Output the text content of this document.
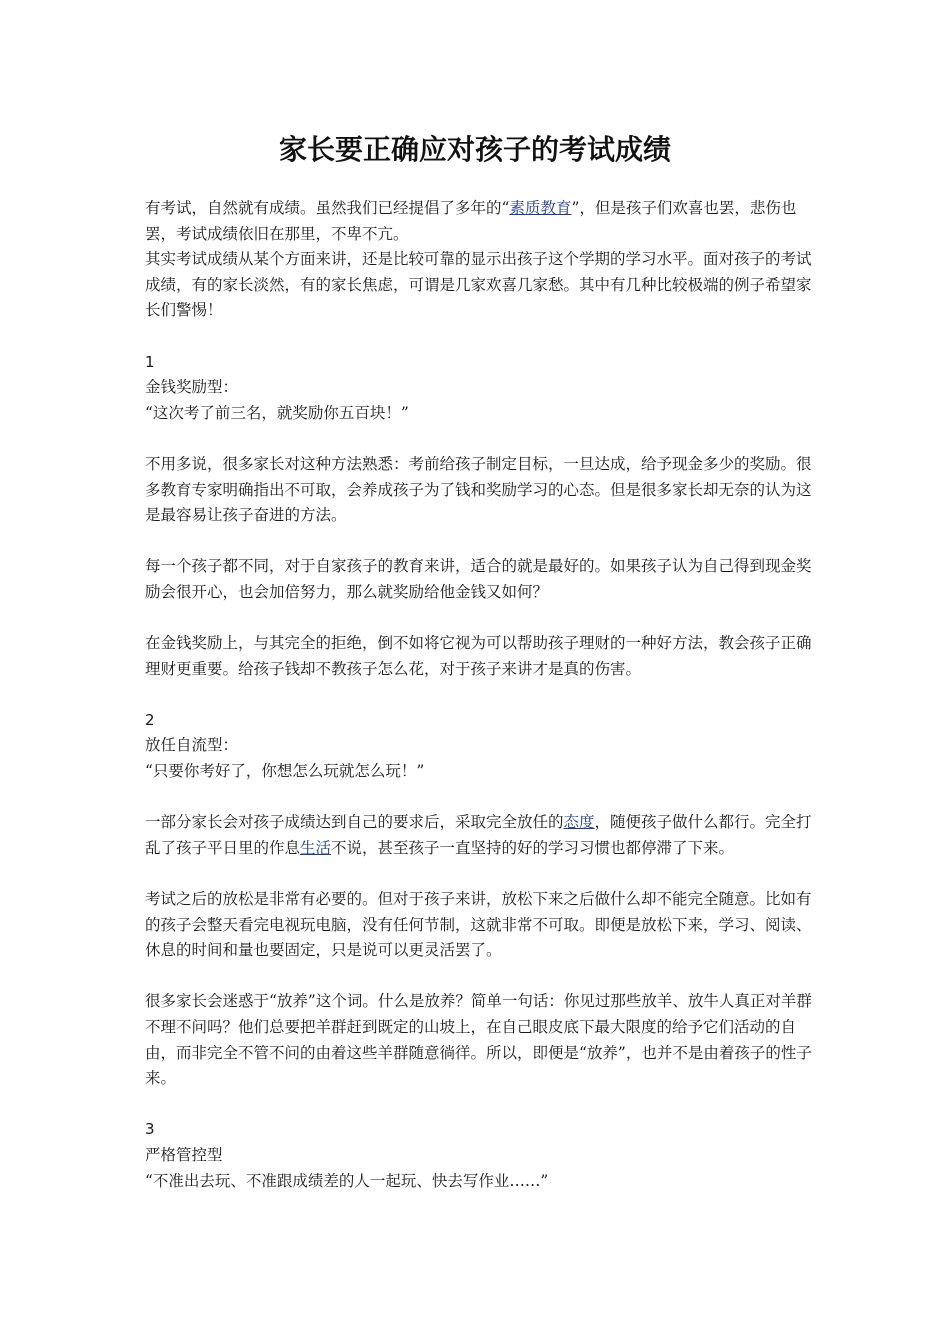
家长要正确应对孩子的考试成绩

有考试，自然就有成绩。虽然我们已经提倡了多年的“素质教育”，但是孩子们欢喜也罢，悲伤也罢，考试成绩依旧在那里，不卑不亢。

其实考试成绩从某个方面来讲，还是比较可靠的显示出孩子这个学期的学习水平。面对孩子的考试成绩，有的家长淡然，有的家长焦虑，可谓是几家欢喜几家愁。其中有几种比较极端的例子希望家长们警惕！

1

金钱奖励型：

“这次考了前三名，就奖励你五百块！”

不用多说，很多家长对这种方法熟悉：考前给孩子制定目标，一旦达成，给予现金多少的奖励。很多教育专家明确指出不可取，会养成孩子为了钱和奖励学习的心态。但是很多家长却无奈的认为这是最容易让孩子奋进的方法。

每一个孩子都不同，对于自家孩子的教育来讲，适合的就是最好的。如果孩子认为自己得到现金奖励会很开心，也会加倍努力，那么就奖励给他金钱又如何？

在金钱奖励上，与其完全的拒绝，倒不如将它视为可以帮助孩子理财的一种好方法，教会孩子正确理财更重要。给孩子钱却不教孩子怎么花，对于孩子来讲才是真的伤害。

2

放任自流型：

“只要你考好了，你想怎么玩就怎么玩！”

一部分家长会对孩子成绩达到自己的要求后，采取完全放任的态度，随便孩子做什么都行。完全打乱了孩子平日里的作息生活不说，甚至孩子一直坚持的好的学习习惯也都停滞了下来。

考试之后的放松是非常有必要的。但对于孩子来讲，放松下来之后做什么却不能完全随意。比如有的孩子会整天看完电视玩电脑，没有任何节制，这就非常不可取。即便是放松下来，学习、阅读、休息的时间和量也要固定，只是说可以更灵活罢了。

很多家长会迷惑于“放养”这个词。什么是放养？简单一句话：你见过那些放羊、放牛人真正对羊群不理不问吗？他们总要把羊群赶到既定的山坡上，在自己眼皮底下最大限度的给予它们活动的自由，而非完全不管不问的由着这些羊群随意徜徉。所以，即便是“放养”，也并不是由着孩子的性子来。

3

严格管控型

“不准出去玩、不准跟成绩差的人一起玩、快去写作业……”
